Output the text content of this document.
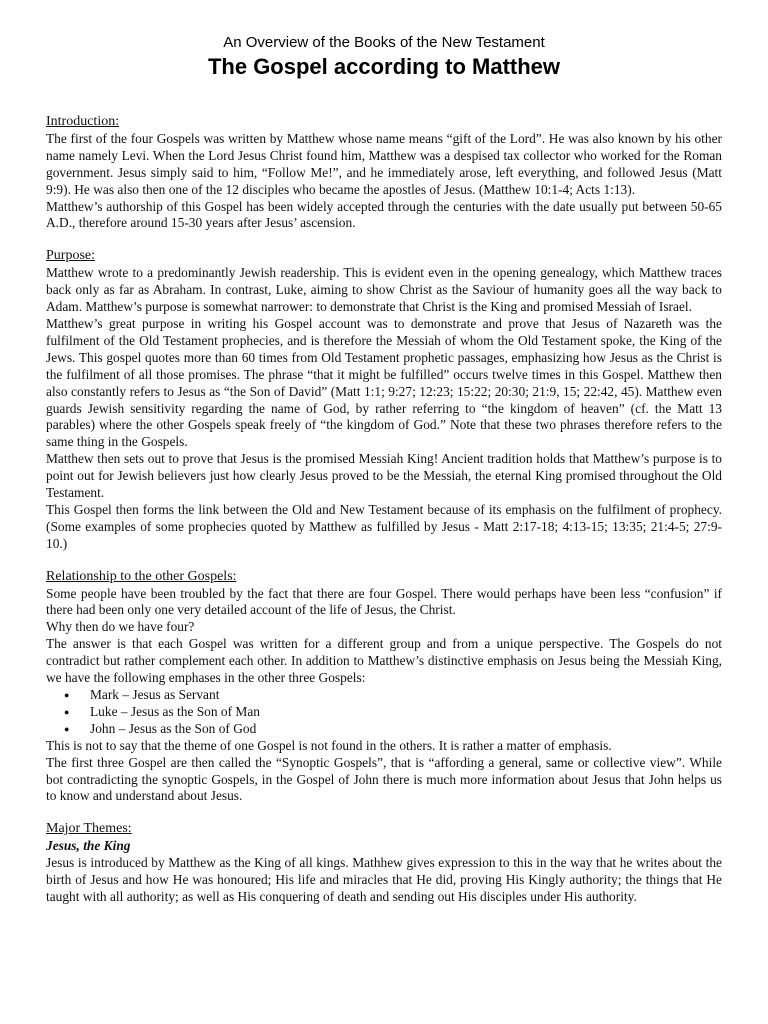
An Overview of the Books of the New Testament
The Gospel according to Matthew
Introduction:

The first of the four Gospels was written by Matthew whose name means “gift of the Lord”. He was also known by his other name namely Levi. When the Lord Jesus Christ found him, Matthew was a despised tax collector who worked for the Roman government. Jesus simply said to him, “Follow Me!”, and he immediately arose, left everything, and followed Jesus (Matt 9:9). He was also then one of the 12 disciples who became the apostles of Jesus. (Matthew 10:1-4; Acts 1:13).

Matthew’s authorship of this Gospel has been widely accepted through the centuries with the date usually put between 50-65 A.D., therefore around 15-30 years after Jesus’ ascension.

Purpose:

Matthew wrote to a predominantly Jewish readership. This is evident even in the opening genealogy, which Matthew traces back only as far as Abraham. In contrast, Luke, aiming to show Christ as the Saviour of humanity goes all the way back to Adam. Matthew’s purpose is somewhat narrower: to demonstrate that Christ is the King and promised Messiah of Israel.

Matthew’s great purpose in writing his Gospel account was to demonstrate and prove that Jesus of Nazareth was the fulfilment of the Old Testament prophecies, and is therefore the Messiah of whom the Old Testament spoke, the King of the Jews. This gospel quotes more than 60 times from Old Testament prophetic passages, emphasizing how Jesus as the Christ is the fulfilment of all those promises. The phrase “that it might be fulfilled” occurs twelve times in this Gospel. Matthew then also constantly refers to Jesus as “the Son of David” (Matt 1:1; 9:27; 12:23; 15:22; 20:30; 21:9, 15; 22:42, 45). Matthew even guards Jewish sensitivity regarding the name of God, by rather referring to “the kingdom of heaven” (cf. the Matt 13 parables) where the other Gospels speak freely of “the kingdom of God.” Note that these two phrases therefore refers to the same thing in the Gospels.

Matthew then sets out to prove that Jesus is the promised Messiah King! Ancient tradition holds that Matthew’s purpose is to point out for Jewish believers just how clearly Jesus proved to be the Messiah, the eternal King promised throughout the Old Testament.

This Gospel then forms the link between the Old and New Testament because of its emphasis on the fulfilment of prophecy. (Some examples of some prophecies quoted by Matthew as fulfilled by Jesus - Matt 2:17-18; 4:13-15; 13:35; 21:4-5; 27:9-10.)

Relationship to the other Gospels:

Some people have been troubled by the fact that there are four Gospel. There would perhaps have been less “confusion” if there had been only one very detailed account of the life of Jesus, the Christ.

Why then do we have four?

The answer is that each Gospel was written for a different group and from a unique perspective. The Gospels do not contradict but rather complement each other. In addition to Matthew’s distinctive emphasis on Jesus being the Messiah King, we have the following emphases in the other three Gospels:

● Mark – Jesus as Servant
● Luke – Jesus as the Son of Man
● John – Jesus as the Son of God

This is not to say that the theme of one Gospel is not found in the others. It is rather a matter of emphasis.

The first three Gospel are then called the “Synoptic Gospels”, that is “affording a general, same or collective view”. While bot contradicting the synoptic Gospels, in the Gospel of John there is much more information about Jesus that John helps us to know and understand about Jesus.

Major Themes:
Jesus, the King

Jesus is introduced by Matthew as the King of all kings. Mathhew gives expression to this in the way that he writes about the birth of Jesus and how He was honoured; His life and miracles that He did, proving His Kingly authority; the things that He taught with all authority; as well as His conquering of death and sending out His disciples under His authority.
